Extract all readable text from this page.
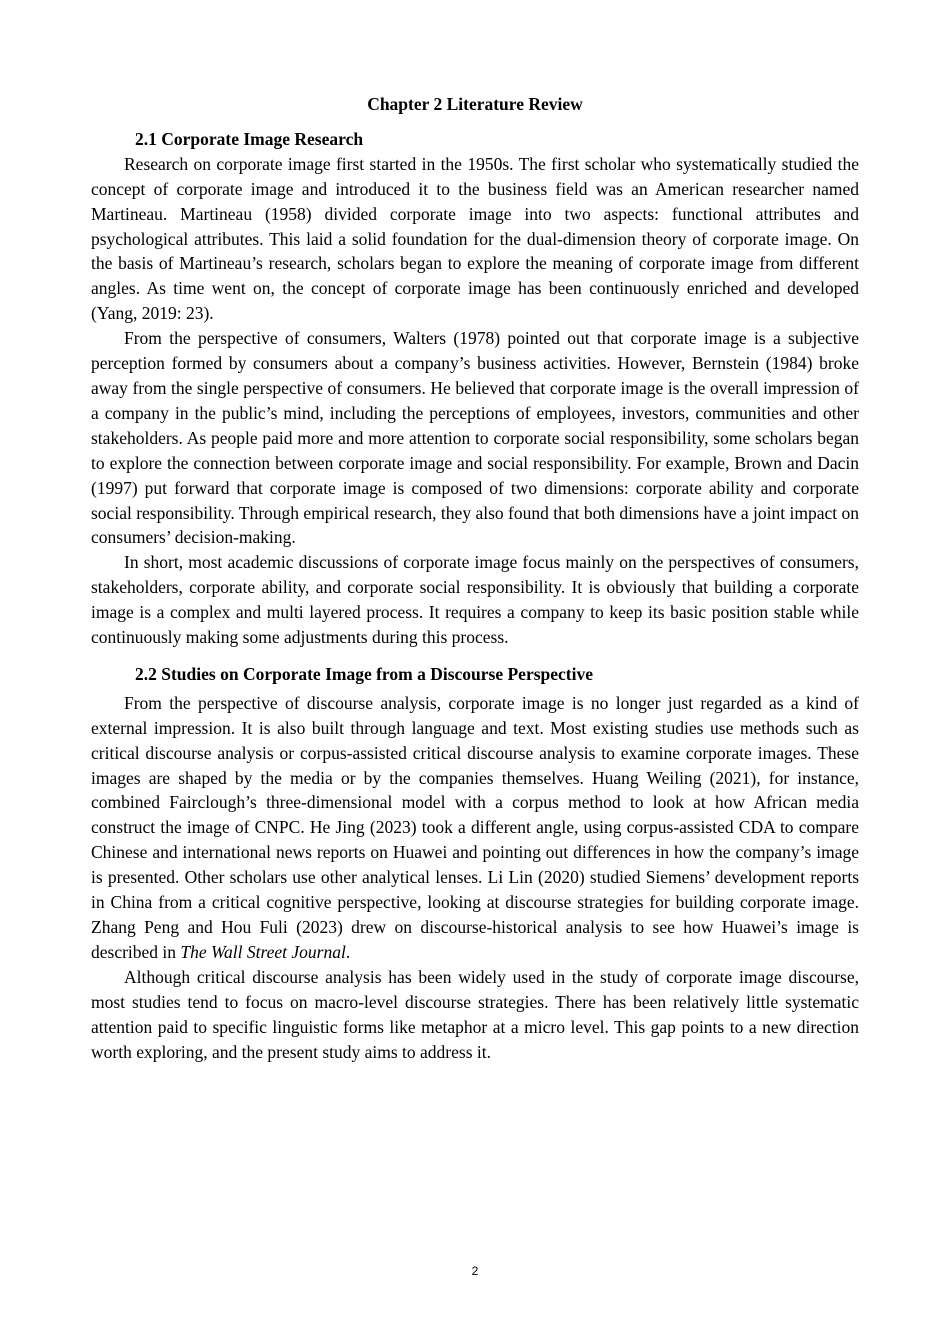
Chapter 2 Literature Review
2.1 Corporate Image Research

Research on corporate image first started in the 1950s. The first scholar who systematically studied the concept of corporate image and introduced it to the business field was an American researcher named Martineau. Martineau (1958) divided corporate image into two aspects: functional attributes and psychological attributes. This laid a solid foundation for the dual-dimension theory of corporate image. On the basis of Martineau’s research, scholars began to explore the meaning of corporate image from different angles. As time went on, the concept of corporate image has been continuously enriched and developed (Yang, 2019: 23).

From the perspective of consumers, Walters (1978) pointed out that corporate image is a subjective perception formed by consumers about a company’s business activities. However, Bernstein (1984) broke away from the single perspective of consumers. He believed that corporate image is the overall impression of a company in the public’s mind, including the perceptions of employees, investors, communities and other stakeholders. As people paid more and more attention to corporate social responsibility, some scholars began to explore the connection between corporate image and social responsibility. For example, Brown and Dacin (1997) put forward that corporate image is composed of two dimensions: corporate ability and corporate social responsibility. Through empirical research, they also found that both dimensions have a joint impact on consumers’ decision-making.

In short, most academic discussions of corporate image focus mainly on the perspectives of consumers, stakeholders, corporate ability, and corporate social responsibility. It is obviously that building a corporate image is a complex and multi layered process. It requires a company to keep its basic position stable while continuously making some adjustments during this process.

2.2 Studies on Corporate Image from a Discourse Perspective

From the perspective of discourse analysis, corporate image is no longer just regarded as a kind of external impression. It is also built through language and text. Most existing studies use methods such as critical discourse analysis or corpus-assisted critical discourse analysis to examine corporate images. These images are shaped by the media or by the companies themselves. Huang Weiling (2021), for instance, combined Fairclough’s three-dimensional model with a corpus method to look at how African media construct the image of CNPC. He Jing (2023) took a different angle, using corpus-assisted CDA to compare Chinese and international news reports on Huawei and pointing out differences in how the company’s image is presented. Other scholars use other analytical lenses. Li Lin (2020) studied Siemens’ development reports in China from a critical cognitive perspective, looking at discourse strategies for building corporate image. Zhang Peng and Hou Fuli (2023) drew on discourse-historical analysis to see how Huawei’s image is described in The Wall Street Journal.

Although critical discourse analysis has been widely used in the study of corporate image discourse, most studies tend to focus on macro-level discourse strategies. There has been relatively little systematic attention paid to specific linguistic forms like metaphor at a micro level. This gap points to a new direction worth exploring, and the present study aims to address it.

2
